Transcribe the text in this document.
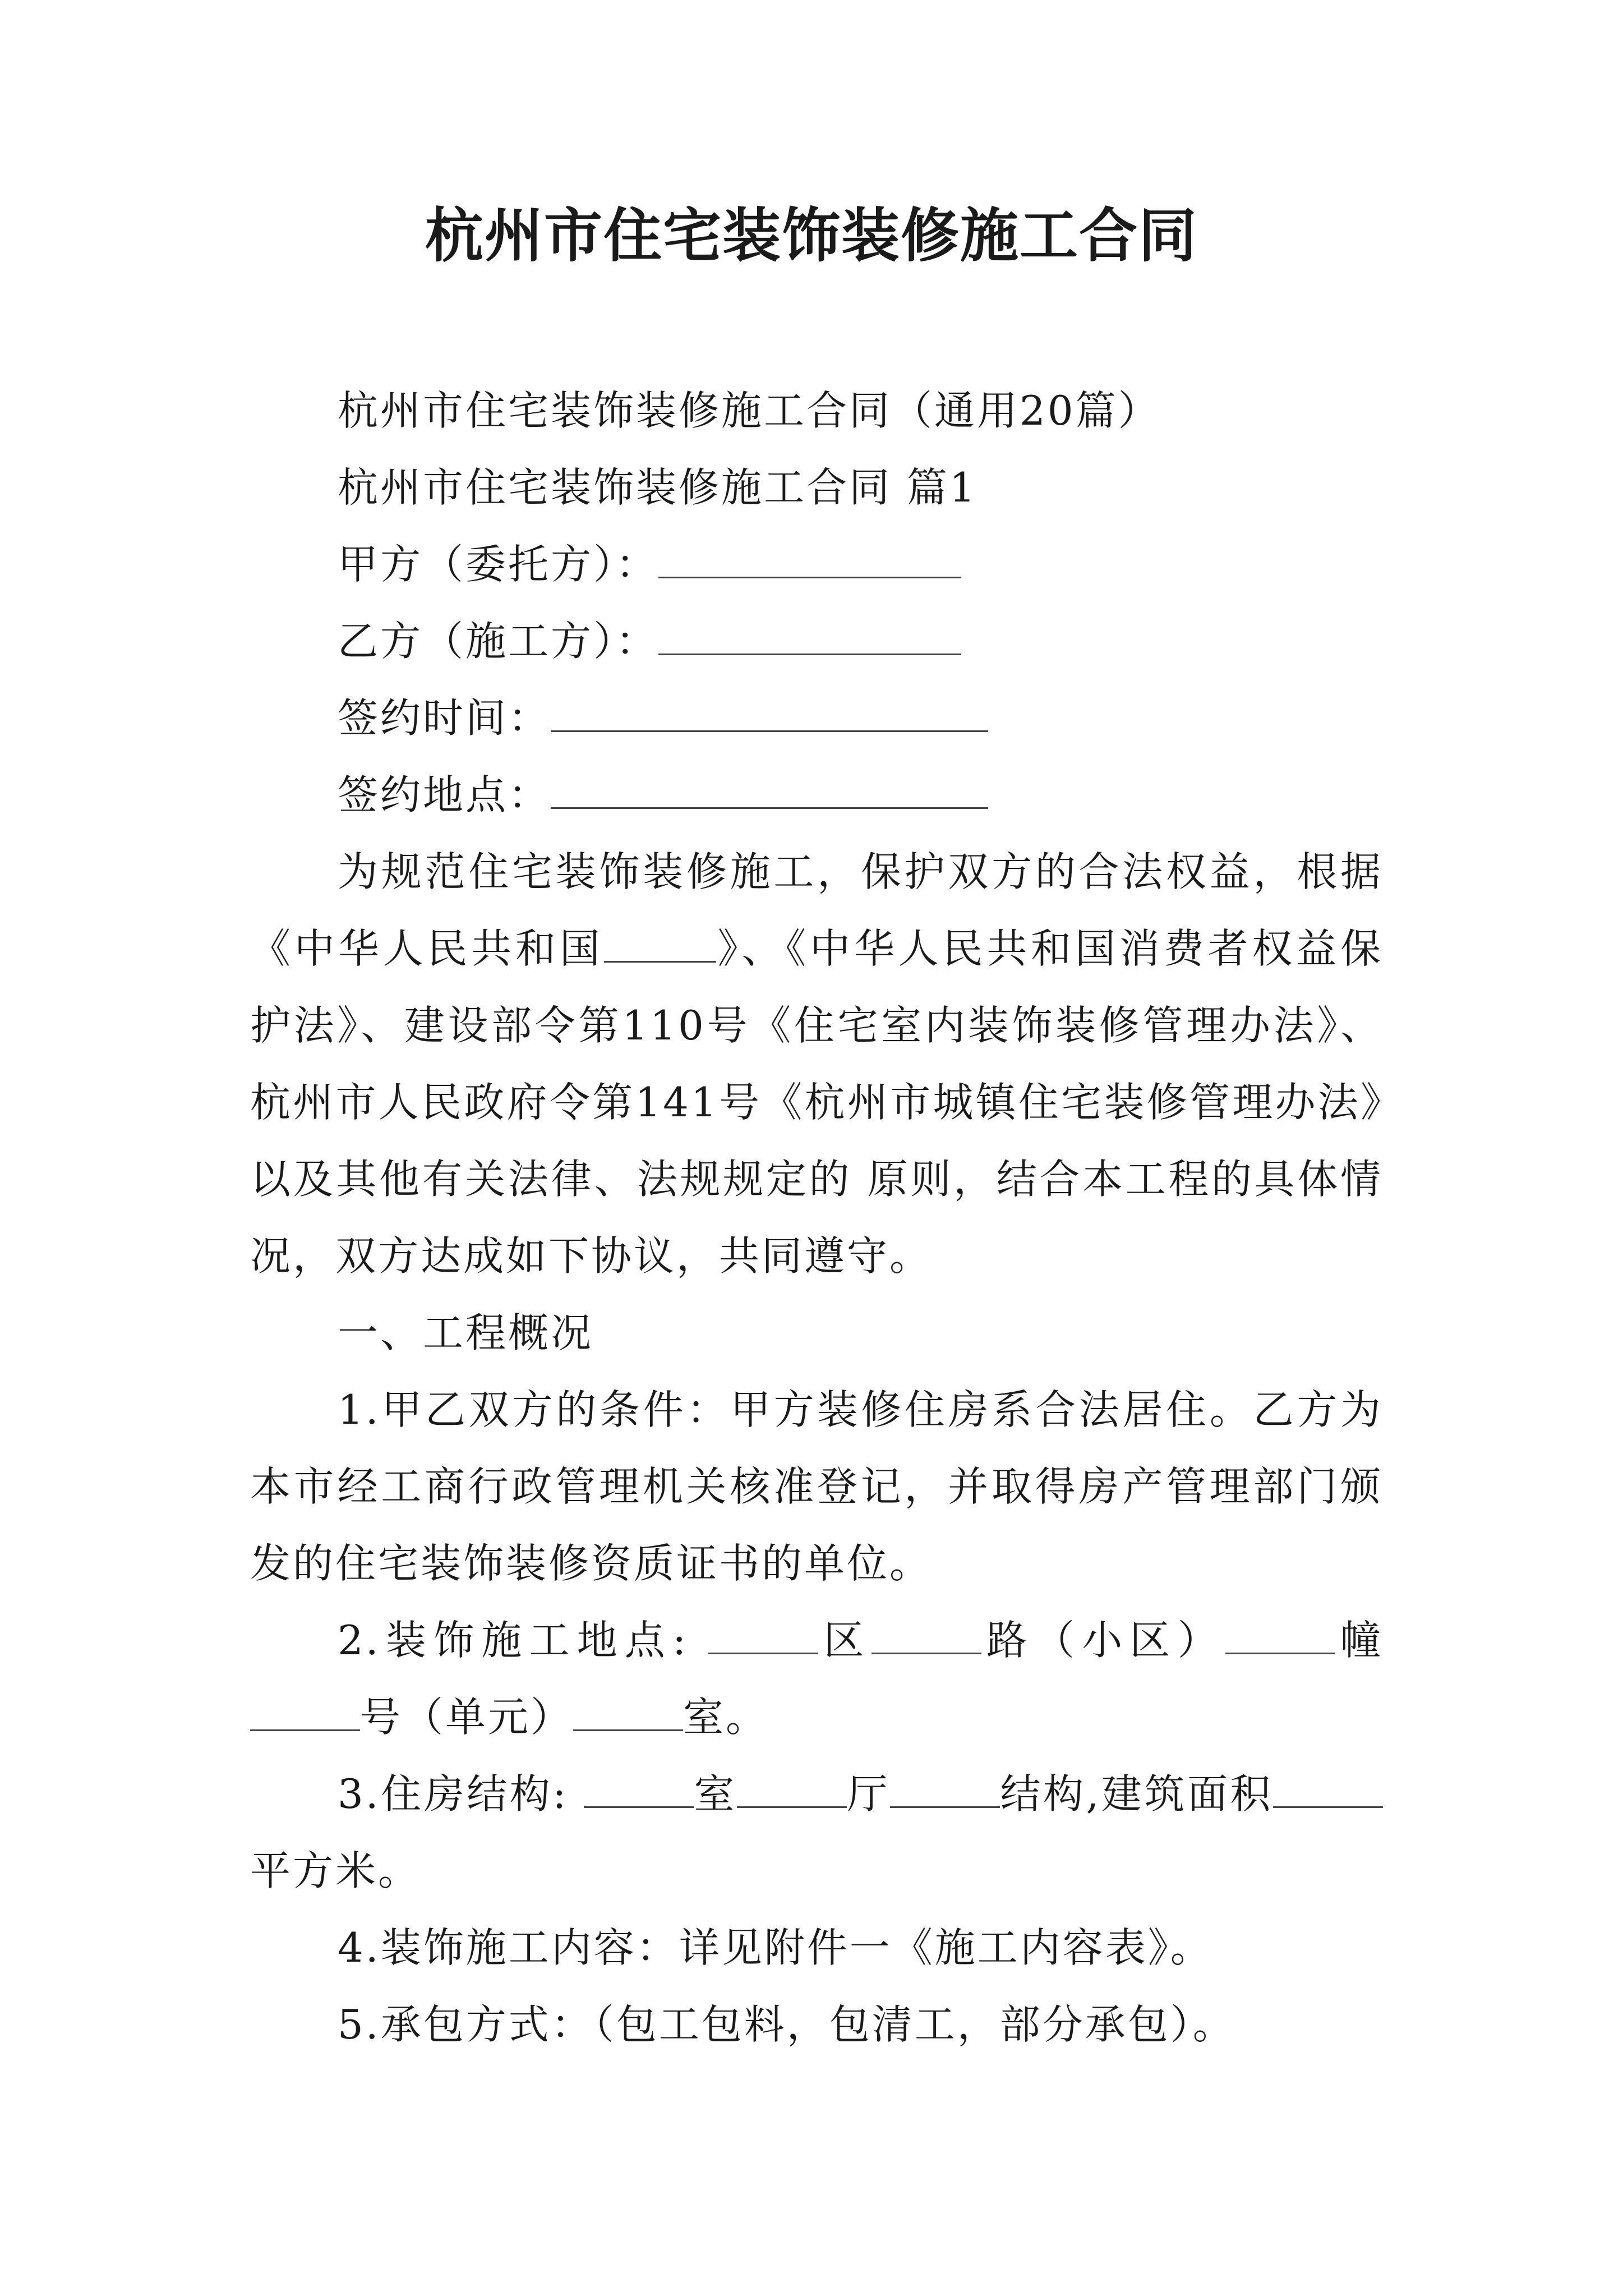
杭州市住宅装饰装修施工合同

杭州市住宅装饰装修施工合同（通用20篇）

杭州市住宅装饰装修施工合同 篇1

甲方（委托方）：

乙方（施工方）：

签约时间：

签约地点：

为规范住宅装饰装修施工，保护双方的合法权益，根据《中华人民共和国	》、《中华人民共和国消费者权益保护法》、建设部令第110号《住宅室内装饰装修管理办法》、杭州市人民政府令第141号《杭州市城镇住宅装修管理办法》以及其他有关法律、法规规定的 原则，结合本工程的具体情况，双方达成如下协议，共同遵守。

一、工程概况

1.甲乙双方的条件：甲方装修住房系合法居住。乙方为本市经工商行政管理机关核准登记，并取得房产管理部门颁发的住宅装饰装修资质证书的单位。

2.装饰施工地点:	区	路（小区）	幢号（单元）	室。

3.住房结构:	室	厅	结构,建筑面积平方米。

4.装饰施工内容：详见附件一《施工内容表》。

5.承包方式：（包工包料，包清工，部分承包）。
